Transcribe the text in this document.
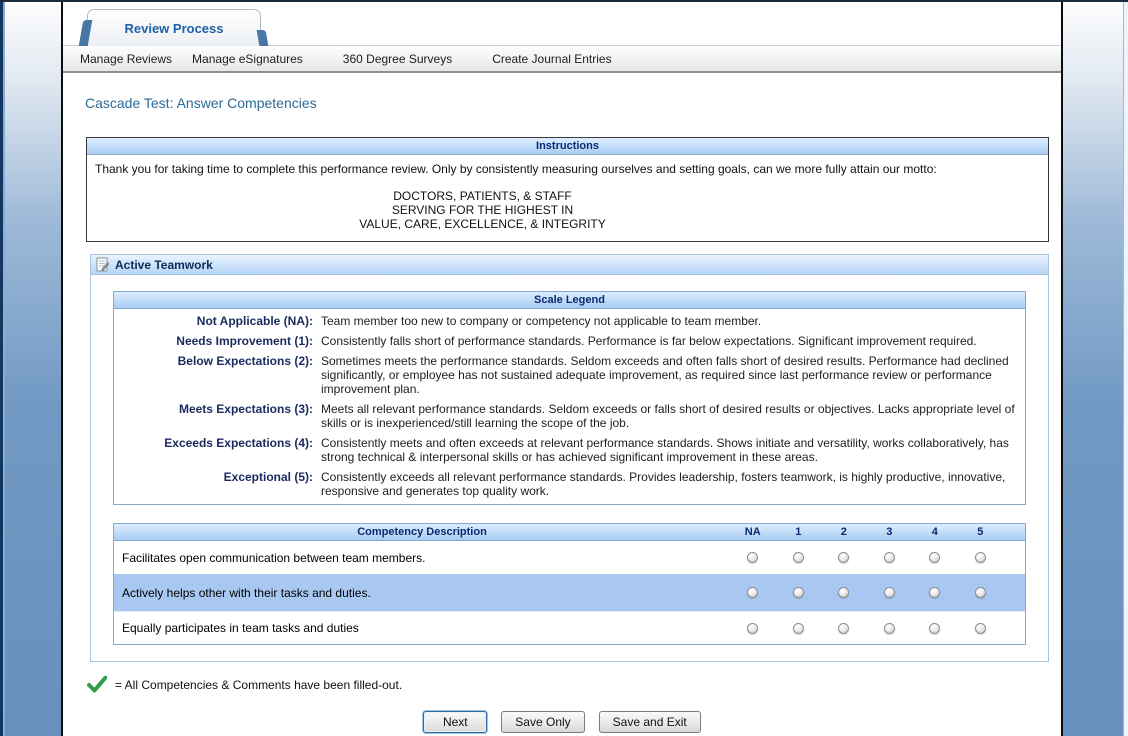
Review Process
Manage Reviews	Manage eSignatures	360 Degree Surveys	Create Journal Entries
Cascade Test: Answer Competencies
Instructions
Thank you for taking time to complete this performance review. Only by consistently measuring ourselves and setting goals, can we more fully attain our motto:
DOCTORS, PATIENTS, & STAFF
SERVING FOR THE HIGHEST IN
VALUE, CARE, EXCELLENCE, & INTEGRITY
Active Teamwork
Scale Legend
Not Applicable (NA): Team member too new to company or competency not applicable to team member.
Needs Improvement (1): Consistently falls short of performance standards. Performance is far below expectations. Significant improvement required.
Below Expectations (2): Sometimes meets the performance standards. Seldom exceeds and often falls short of desired results. Performance had declined significantly, or employee has not sustained adequate improvement, as required since last performance review or performance improvement plan.
Meets Expectations (3): Meets all relevant performance standards. Seldom exceeds or falls short of desired results or objectives. Lacks appropriate level of skills or is inexperienced/still learning the scope of the job.
Exceeds Expectations (4): Consistently meets and often exceeds at relevant performance standards. Shows initiate and versatility, works collaboratively, has strong technical & interpersonal skills or has achieved significant improvement in these areas.
Exceptional (5): Consistently exceeds all relevant performance standards. Provides leadership, fosters teamwork, is highly productive, innovative, responsive and generates top quality work.
Competency Description	NA	1	2	3	4	5
Facilitates open communication between team members.
Actively helps other with their tasks and duties.
Equally participates in team tasks and duties
= All Competencies & Comments have been filled-out.
Next	Save Only	Save and Exit
